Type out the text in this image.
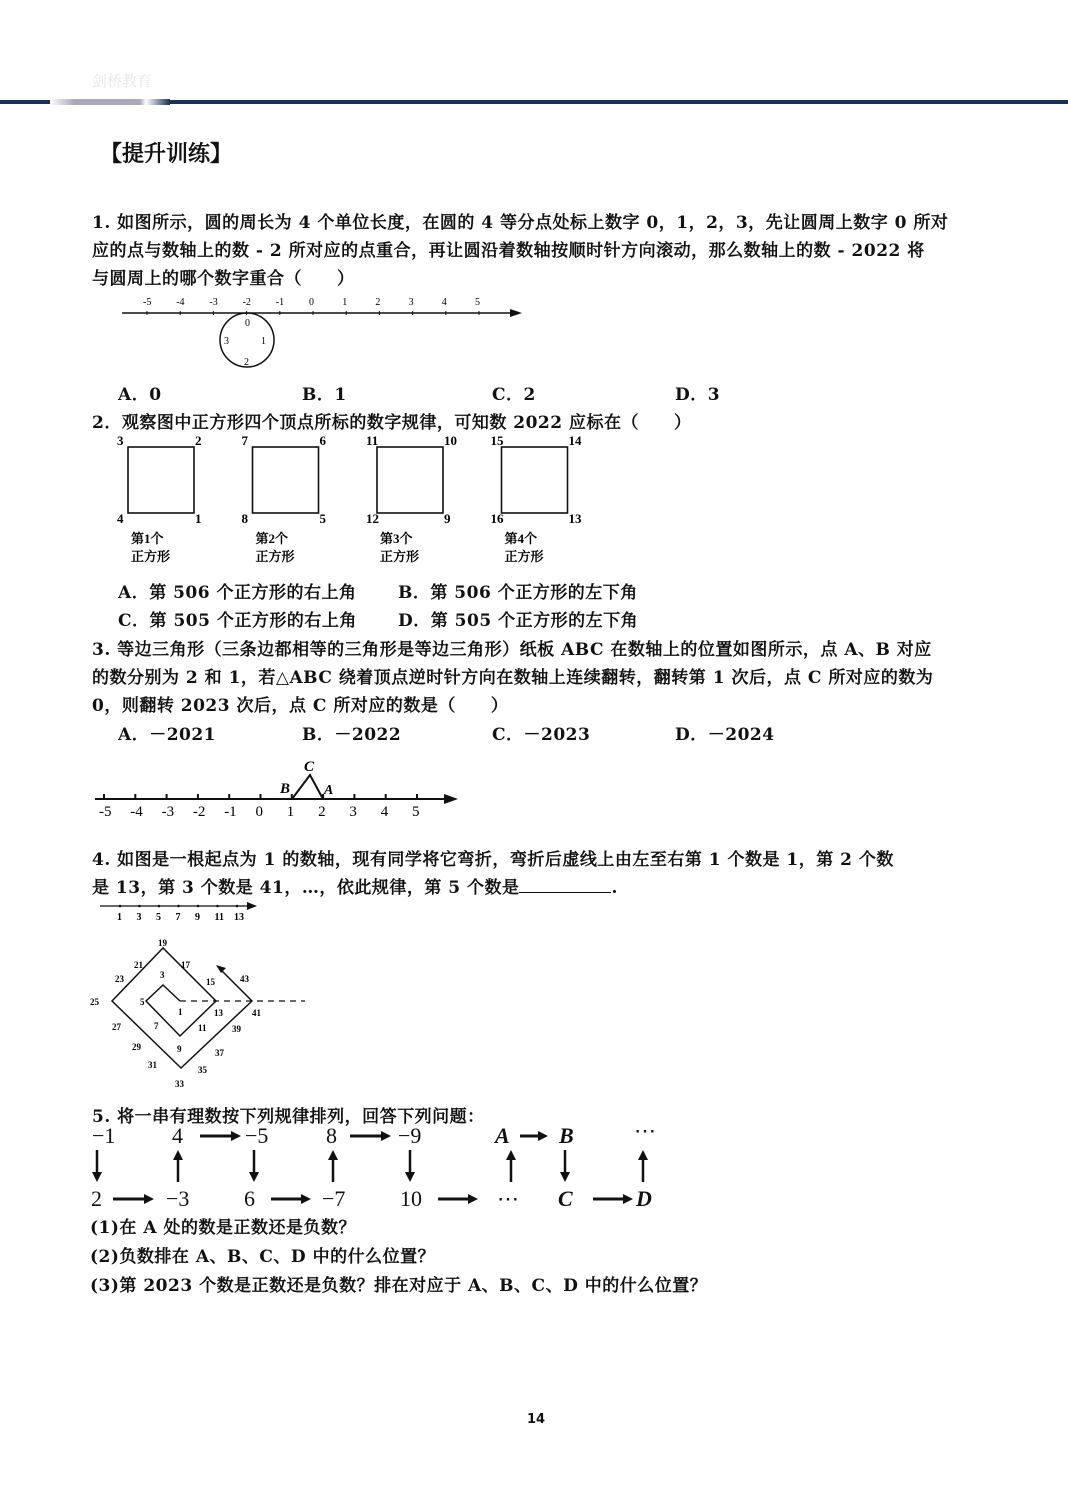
剑桥教育
【提升训练】
1. 如图所示，圆的周长为 4 个单位长度，在圆的 4 等分点处标上数字 0，1，2，3，先让圆周上数字 0 所对
应的点与数轴上的数 - 2 所对应的点重合，再让圆沿着数轴按顺时针方向滚动，那么数轴上的数 - 2022 将
与圆周上的哪个数字重合（　　）
-5 -4 -3 -2 -1 0	1	2	3	4	5
0
1
2
3
A．0	B．1	C．2	D．3
2．观察图中正方形四个顶点所标的数字规律，可知数 2022 应标在（　　）
3	2
4	1
第1个
正方形
7	6
8	5
第2个
正方形
11	10
12	9
第3个
正方形
15	14
16	13
第4个
正方形
A．第 506 个正方形的右上角 B．第 506 个正方形的左下角
C．第 505 个正方形的右上角 D．第 505 个正方形的左下角
3. 等边三角形（三条边都相等的三角形是等边三角形）纸板 ABC 在数轴上的位置如图所示，点 A、B 对应
的数分别为 2 和 1，若△ABC 绕着顶点逆时针方向在数轴上连续翻转，翻转第 1 次后，点 C 所对应的数为
0，则翻转 2023 次后，点 C 所对应的数是（　　）
A．－2021	B．－2022	C．－2023	D．－2024
-5 -4 -3 -2 -1 0 1 2 3 4 5
C
B A
4. 如图是一根起点为 1 的数轴，现有同学将它弯折，弯折后虚线上由左至右第 1 个数是 1，第 2 个数
是 13，第 3 个数是 41，…，依此规律，第 5 个数是	.
1 3 5 7 9 11 13
1
3
5
7
9
11
13
15
17
19
21
23
25
27
29
31
33
35
37
39
41
43
5. 将一串有理数按下列规律排列，回答下列问题：
−1	4	−5	8	−9	A B	⋯
2	−3 6	−7 10	⋯ C	D
(1)在 A 处的数是正数还是负数？
(2)负数排在 A、B、C、D 中的什么位置？
(3)第 2023 个数是正数还是负数？排在对应于 A、B、C、D 中的什么位置？
14
